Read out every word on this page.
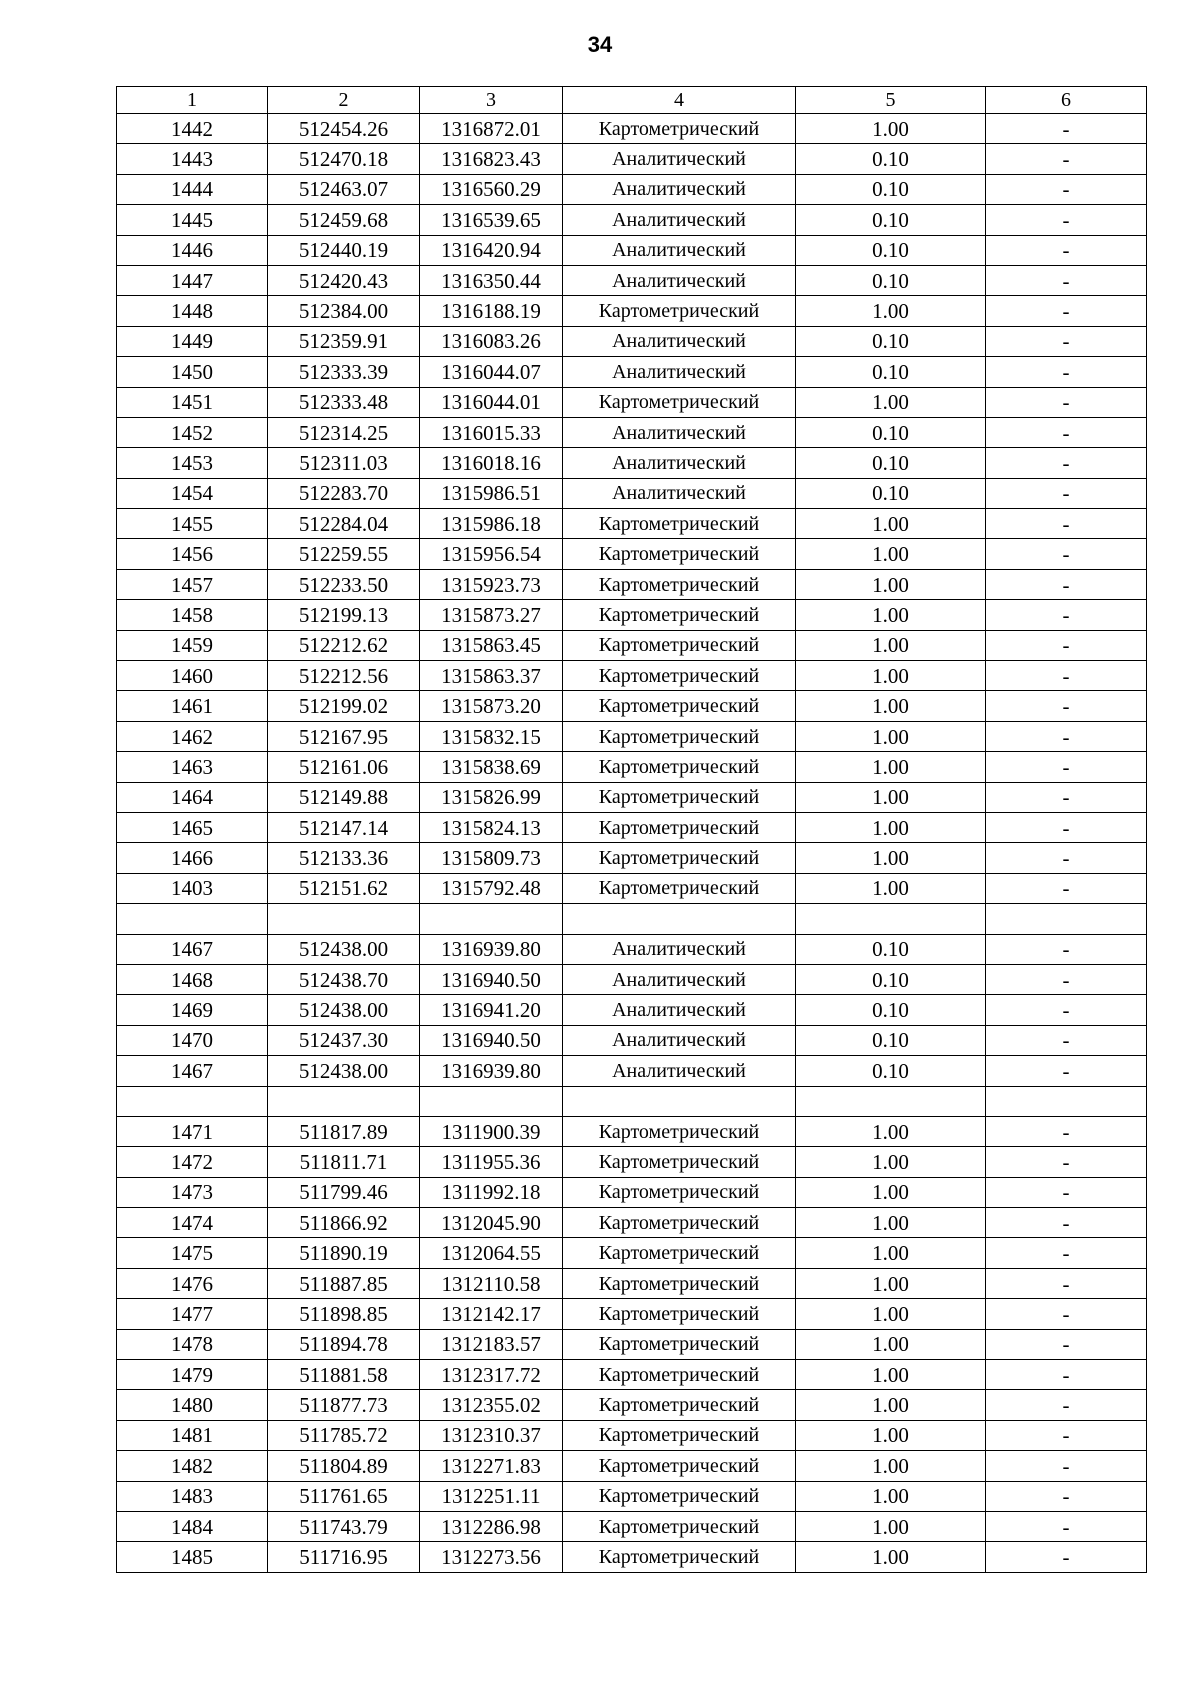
34
1	2	3	4	5	6
1442	512454.26	1316872.01	Картометрический	1.00	-
1443	512470.18	1316823.43	Аналитический	0.10	-
1444	512463.07	1316560.29	Аналитический	0.10	-
1445	512459.68	1316539.65	Аналитический	0.10	-
1446	512440.19	1316420.94	Аналитический	0.10	-
1447	512420.43	1316350.44	Аналитический	0.10	-
1448	512384.00	1316188.19	Картометрический	1.00	-
1449	512359.91	1316083.26	Аналитический	0.10	-
1450	512333.39	1316044.07	Аналитический	0.10	-
1451	512333.48	1316044.01	Картометрический	1.00	-
1452	512314.25	1316015.33	Аналитический	0.10	-
1453	512311.03	1316018.16	Аналитический	0.10	-
1454	512283.70	1315986.51	Аналитический	0.10	-
1455	512284.04	1315986.18	Картометрический	1.00	-
1456	512259.55	1315956.54	Картометрический	1.00	-
1457	512233.50	1315923.73	Картометрический	1.00	-
1458	512199.13	1315873.27	Картометрический	1.00	-
1459	512212.62	1315863.45	Картометрический	1.00	-
1460	512212.56	1315863.37	Картометрический	1.00	-
1461	512199.02	1315873.20	Картометрический	1.00	-
1462	512167.95	1315832.15	Картометрический	1.00	-
1463	512161.06	1315838.69	Картометрический	1.00	-
1464	512149.88	1315826.99	Картометрический	1.00	-
1465	512147.14	1315824.13	Картометрический	1.00	-
1466	512133.36	1315809.73	Картометрический	1.00	-
1403	512151.62	1315792.48	Картометрический	1.00	-

1467	512438.00	1316939.80	Аналитический	0.10	-
1468	512438.70	1316940.50	Аналитический	0.10	-
1469	512438.00	1316941.20	Аналитический	0.10	-
1470	512437.30	1316940.50	Аналитический	0.10	-
1467	512438.00	1316939.80	Аналитический	0.10	-

1471	511817.89	1311900.39	Картометрический	1.00	-
1472	511811.71	1311955.36	Картометрический	1.00	-
1473	511799.46	1311992.18	Картометрический	1.00	-
1474	511866.92	1312045.90	Картометрический	1.00	-
1475	511890.19	1312064.55	Картометрический	1.00	-
1476	511887.85	1312110.58	Картометрический	1.00	-
1477	511898.85	1312142.17	Картометрический	1.00	-
1478	511894.78	1312183.57	Картометрический	1.00	-
1479	511881.58	1312317.72	Картометрический	1.00	-
1480	511877.73	1312355.02	Картометрический	1.00	-
1481	511785.72	1312310.37	Картометрический	1.00	-
1482	511804.89	1312271.83	Картометрический	1.00	-
1483	511761.65	1312251.11	Картометрический	1.00	-
1484	511743.79	1312286.98	Картометрический	1.00	-
1485	511716.95	1312273.56	Картометрический	1.00	-
